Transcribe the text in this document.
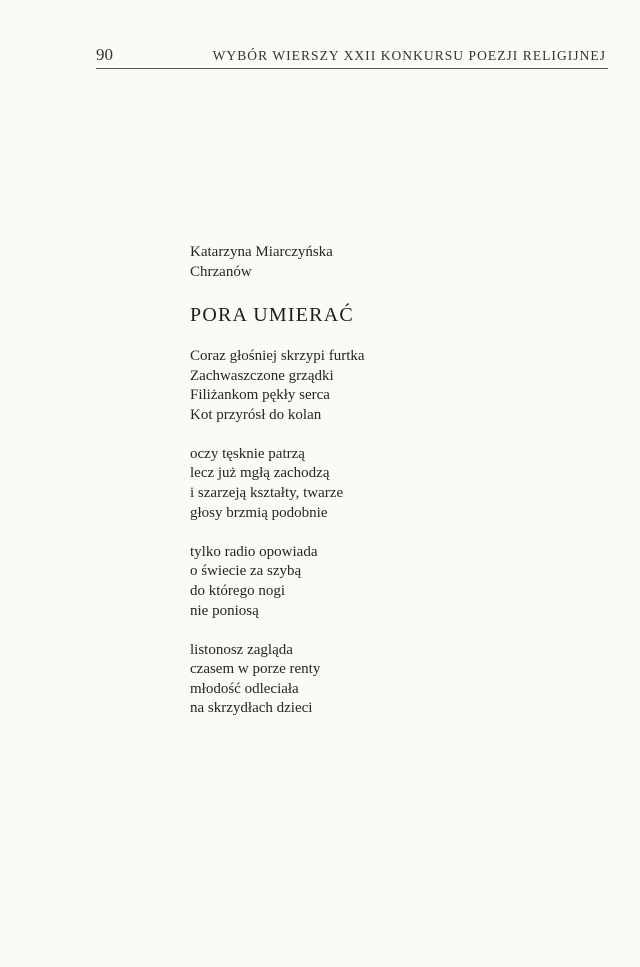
90	WYBÓR WIERSZY XXII KONKURSU POEZJI RELIGIJNEJ
Katarzyna Miarczyńska
Chrzanów
PORA UMIERAĆ
Coraz głośniej skrzypi furtka
Zachwaszczone grządki
Filiżankom pękły serca
Kot przyrósł do kolan
oczy tęsknie patrzą
lecz już mgłą zachodzą
i szarzeją kształty, twarze
głosy brzmią podobnie
tylko radio opowiada
o świecie za szybą
do którego nogi
nie poniosą
listonosz zagląda
czasem w porze renty
młodość odleciała
na skrzydłach dzieci
